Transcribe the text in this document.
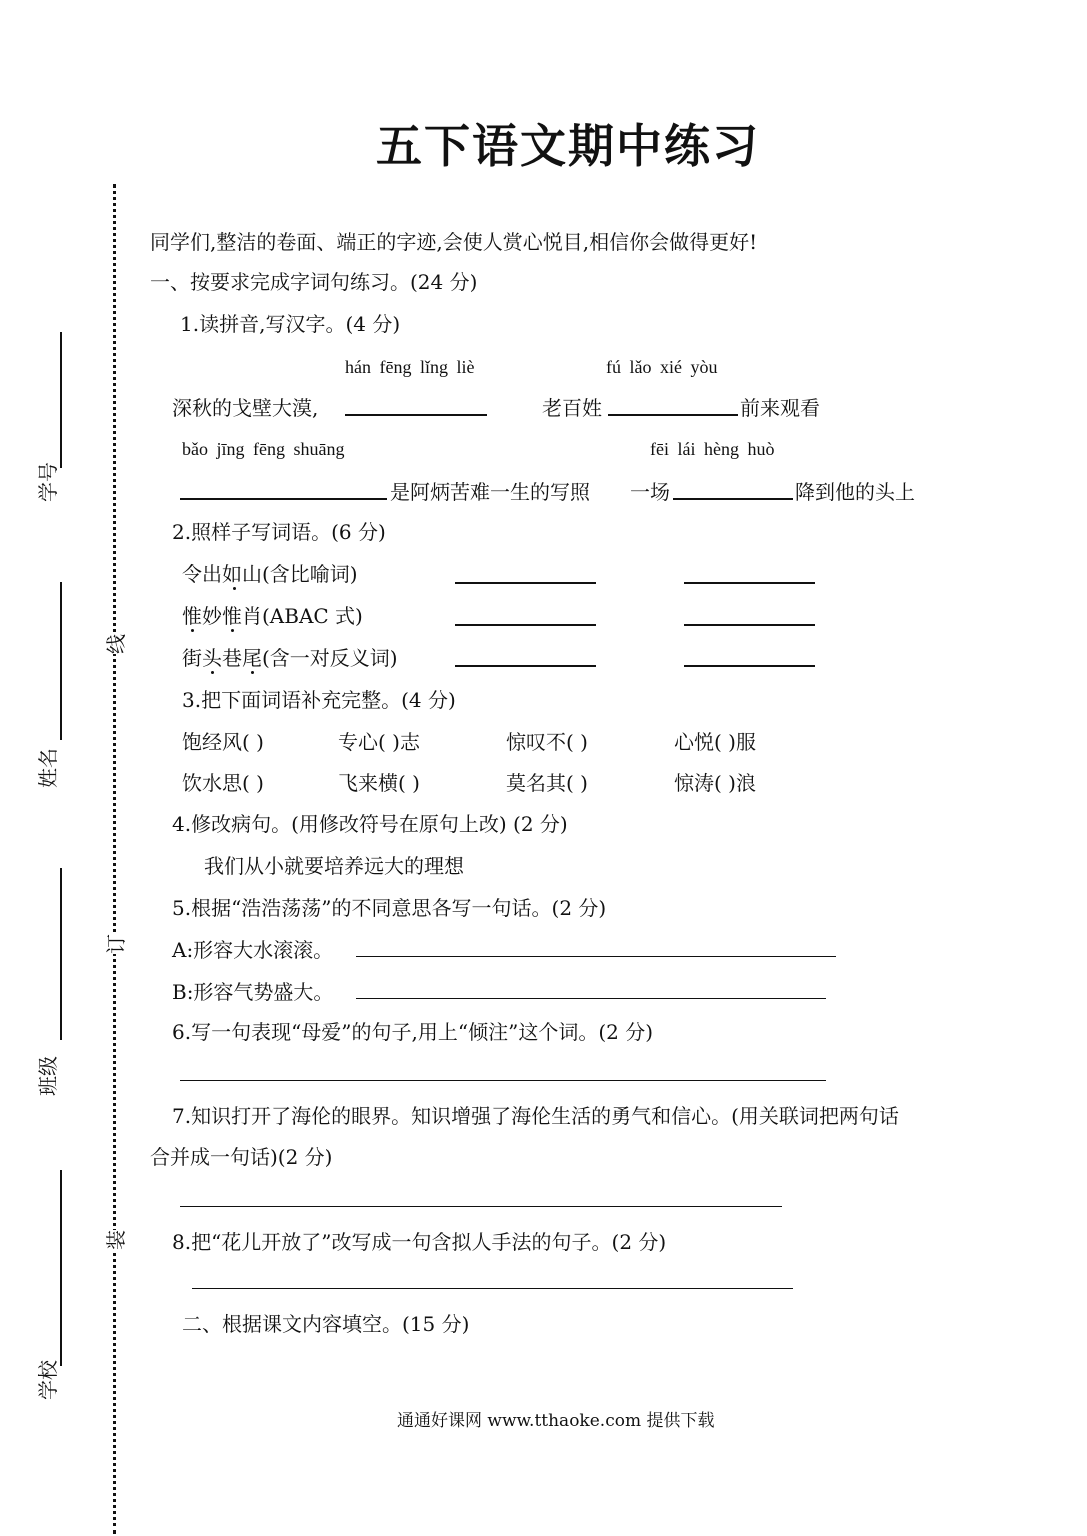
线
订
装
学号
姓名
班级
学校
五下语文期中练习
同学们,整洁的卷面、端正的字迹,会使人赏心悦目,相信你会做得更好!
一、按要求完成字词句练习。(24 分)
1.读拼音,写汉字。(4 分)
hán fēng lǐng liè	fú lǎo xié yòu
深秋的戈壁大漠,	老百姓	前来观看
bǎo jīng fēng shuāng	fēi lái hèng huò
是阿炳苦难一生的写照 一场	降到他的头上
2.照样子写词语。(6 分)
令出如山(含比喻词)
惟妙惟肖(ABAC 式)
街头巷尾(含一对反义词)
3.把下面词语补充完整。(4 分)
饱经风( )	专心( )志	惊叹不( )	心悦( )服
饮水思( )	飞来横( )	莫名其( )	惊涛( )浪
4.修改病句。(用修改符号在原句上改) (2 分)
我们从小就要培养远大的理想
5.根据“浩浩荡荡”的不同意思各写一句话。(2 分)
A:形容大水滚滚。
B:形容气势盛大。
6.写一句表现“母爱”的句子,用上“倾注”这个词。(2 分)
7.知识打开了海伦的眼界。知识增强了海伦生活的勇气和信心。(用关联词把两句话
合并成一句话)(2 分)
8.把“花儿开放了”改写成一句含拟人手法的句子。(2 分)
二、根据课文内容填空。(15 分)
通通好课网 www.tthaoke.com 提供下载
